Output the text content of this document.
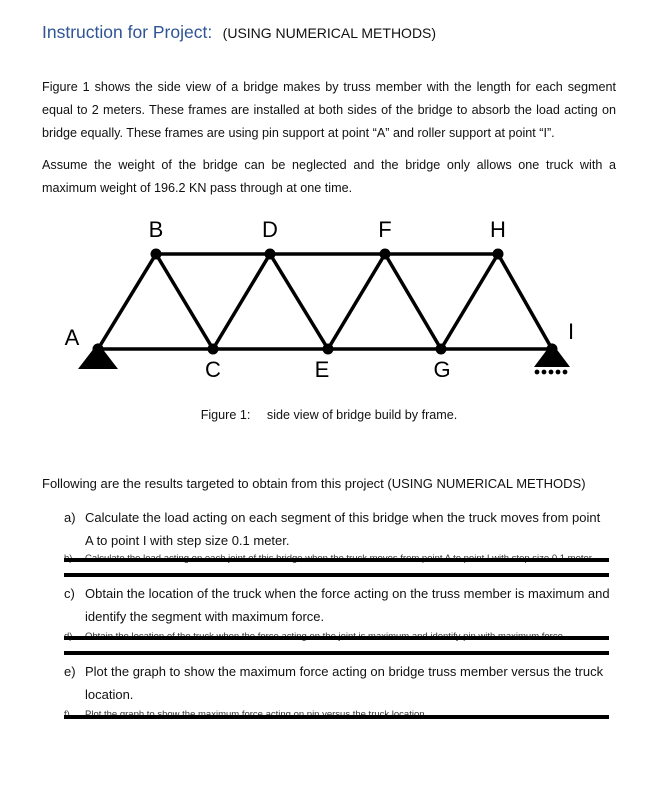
Instruction for Project: (USING NUMERICAL METHODS)
Figure 1 shows the side view of a bridge makes by truss member with the length for each segment equal to 2 meters. These frames are installed at both sides of the bridge to absorb the load acting on bridge equally. These frames are using pin support at point “A” and roller support at point “I”.
Assume the weight of the bridge can be neglected and the bridge only allows one truck with a maximum weight of 196.2 KN pass through at one time.
A
B
C
D
E
F
G
H
I
Figure 1: side view of bridge build by frame.
Following are the results targeted to obtain from this project (USING NUMERICAL METHODS)
a) Calculate the load acting on each segment of this bridge when the truck moves from point A to point I with step size 0.1 meter.
c) Obtain the location of the truck when the force acting on the truss member is maximum and identify the segment with maximum force.
e) Plot the graph to show the maximum force acting on bridge truss member versus the truck location.
